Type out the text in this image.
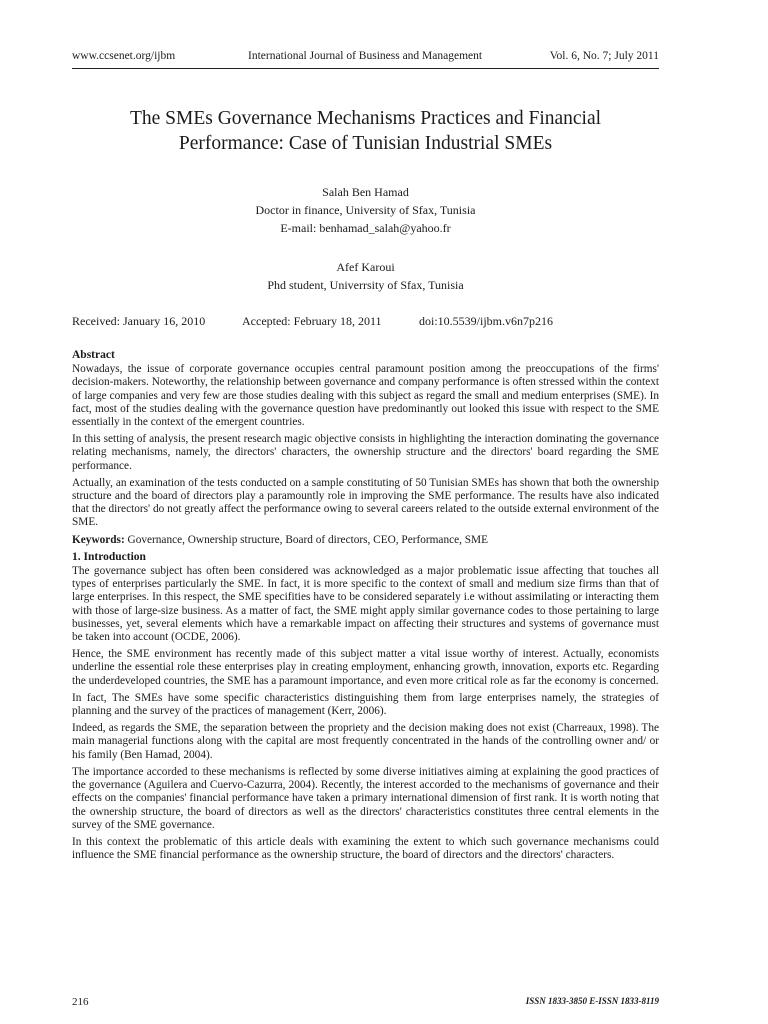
www.ccsenet.org/ijbm	International Journal of Business and Management	Vol. 6, No. 7; July 2011
The SMEs Governance Mechanisms Practices and Financial
Performance: Case of Tunisian Industrial SMEs
Salah Ben Hamad
Doctor in finance, University of Sfax, Tunisia
E-mail: benhamad_salah@yahoo.fr
Afef Karoui
Phd student, Univerrsity of Sfax, Tunisia
Received: January 16, 2010	Accepted: February 18, 2011	doi:10.5539/ijbm.v6n7p216
Abstract

Nowadays, the issue of corporate governance occupies central paramount position among the preoccupations of the firms' decision-makers. Noteworthy, the relationship between governance and company performance is often stressed within the context of large companies and very few are those studies dealing with this subject as regard the small and medium enterprises (SME). In fact, most of the studies dealing with the governance question have predominantly out looked this issue with respect to the SME essentially in the context of the emergent countries.

In this setting of analysis, the present research magic objective consists in highlighting the interaction dominating the governance relating mechanisms, namely, the directors' characters, the ownership structure and the directors' board regarding the SME performance.

Actually, an examination of the tests conducted on a sample constituting of 50 Tunisian SMEs has shown that both the ownership structure and the board of directors play a paramountly role in improving the SME performance. The results have also indicated that the directors' do not greatly affect the performance owing to several careers related to the outside external environment of the SME.

Keywords: Governance, Ownership structure, Board of directors, CEO, Performance, SME

1. Introduction

The governance subject has often been considered was acknowledged as a major problematic issue affecting that touches all types of enterprises particularly the SME. In fact, it is more specific to the context of small and medium size firms than that of large enterprises. In this respect, the SME specifities have to be considered separately i.e without assimilating or interacting them with those of large-size business. As a matter of fact, the SME might apply similar governance codes to those pertaining to large businesses, yet, several elements which have a remarkable impact on affecting their structures and systems of governance must be taken into account (OCDE, 2006).

Hence, the SME environment has recently made of this subject matter a vital issue worthy of interest. Actually, economists underline the essential role these enterprises play in creating employment, enhancing growth, innovation, exports etc. Regarding the underdeveloped countries, the SME has a paramount importance, and even more critical role as far the economy is concerned.

In fact, The SMEs have some specific characteristics distinguishing them from large enterprises namely, the strategies of planning and the survey of the practices of management (Kerr, 2006).

Indeed, as regards the SME, the separation between the propriety and the decision making does not exist (Charreaux, 1998). The main managerial functions along with the capital are most frequently concentrated in the hands of the controlling owner and/ or his family (Ben Hamad, 2004).

The importance accorded to these mechanisms is reflected by some diverse initiatives aiming at explaining the good practices of the governance (Aguilera and Cuervo-Cazurra, 2004). Recently, the interest accorded to the mechanisms of governance and their effects on the companies' financial performance have taken a primary international dimension of first rank. It is worth noting that the ownership structure, the board of directors as well as the directors' characteristics constitutes three central elements in the survey of the SME governance.

In this context the problematic of this article deals with examining the extent to which such governance mechanisms could influence the SME financial performance as the ownership structure, the board of directors and the directors' characters.

216	ISSN 1833-3850 E-ISSN 1833-8119
